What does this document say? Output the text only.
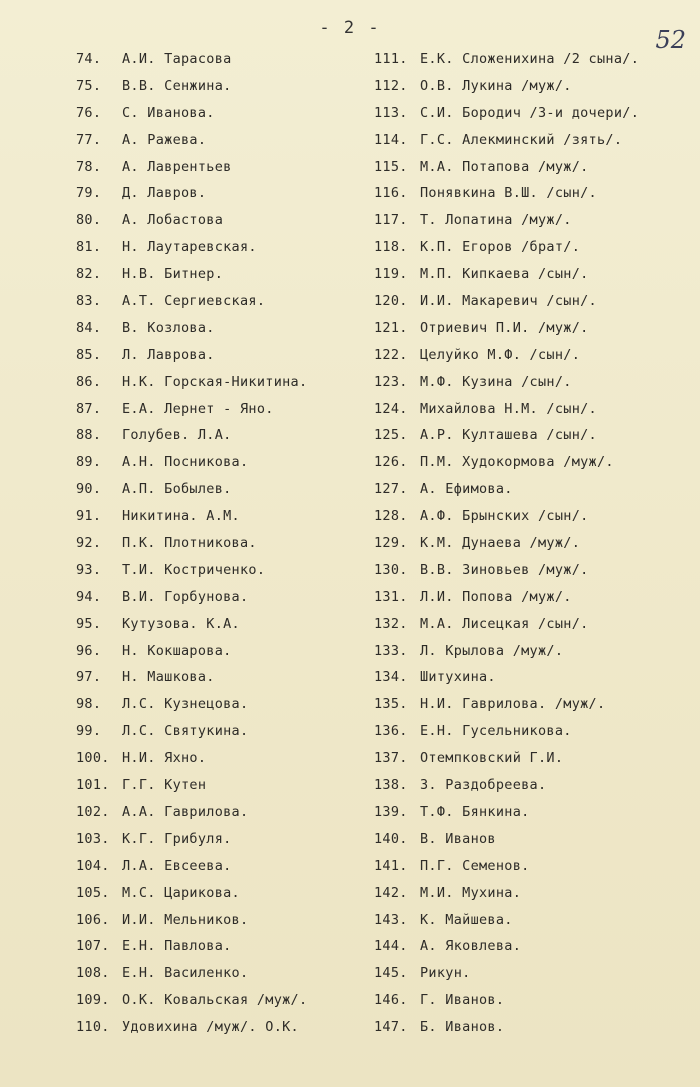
- 2 -	52
74. А.И. Тарасова
75. В.В. Сенжина.
76. С. Иванова.
77. А. Ражева.
78. А. Лаврентьев
79. Д. Лавров.
80. А. Лобастова
81. Н. Лаутаревская.
82. Н.В. Битнер.
83. А.Т. Сергиевская.
84. В. Козлова.
85. Л. Лаврова.
86. Н.К. Горская-Никитина.
87. Е.А. Лернет - Яно.
88. Голубев. Л.А.
89. А.Н. Посникова.
90. А.П. Бобылев.
91. Никитина. А.М.
92. П.К. Плотникова.
93. Т.И. Костриченко.
94. В.И. Горбунова.
95. Кутузова. К.А.
96. Н. Кокшарова.
97. Н. Машкова.
98. Л.С. Кузнецова.
99. Л.С. Святукина.
100. Н.И. Яхно.
101. Г.Г. Кутен
102. А.А. Гаврилова.
103. К.Г. Грибуля.
104. Л.А. Евсеева.
105. М.С. Царикова.
106. И.И. Мельников.
107. Е.Н. Павлова.
108. Е.Н. Василенко.
109. О.К. Ковальская /муж/.
110. Удовихина /муж/. О.К.
111. Е.К. Сложенихина /2 сына/.
112. О.В. Лукина /муж/.
113. С.И. Бородич /3-и дочери/.
114. Г.С. Алекминский /зять/.
115. М.А. Потапова /муж/.
116. Понявкина В.Ш. /сын/.
117. Т. Лопатина /муж/.
118. К.П. Егоров /брат/.
119. М.П. Кипкаева /сын/.
120. И.И. Макаревич /сын/.
121. Отриевич П.И. /муж/.
122. Целуйко М.Ф. /сын/.
123. М.Ф. Кузина /сын/.
124. Михайлова Н.М. /сын/.
125. А.Р. Култашева /сын/.
126. П.М. Худокормова /муж/.
127. А. Ефимова.
128. А.Ф. Брынских /сын/.
129. К.М. Дунаева /муж/.
130. В.В. Зиновьев /муж/.
131. Л.И. Попова /муж/.
132. М.А. Лисецкая /сын/.
133. Л. Крылова /муж/.
134. Шитухина.
135. Н.И. Гаврилова. /муж/.
136. Е.Н. Гусельникова.
137. Отемпковский Г.И.
138. З. Раздобреева.
139. Т.Ф. Бянкина.
140. В. Иванов
141. П.Г. Семенов.
142. М.И. Мухина.
143. К. Майшева.
144. А. Яковлева.
145. Рикун.
146. Г. Иванов.
147. Б. Иванов.
